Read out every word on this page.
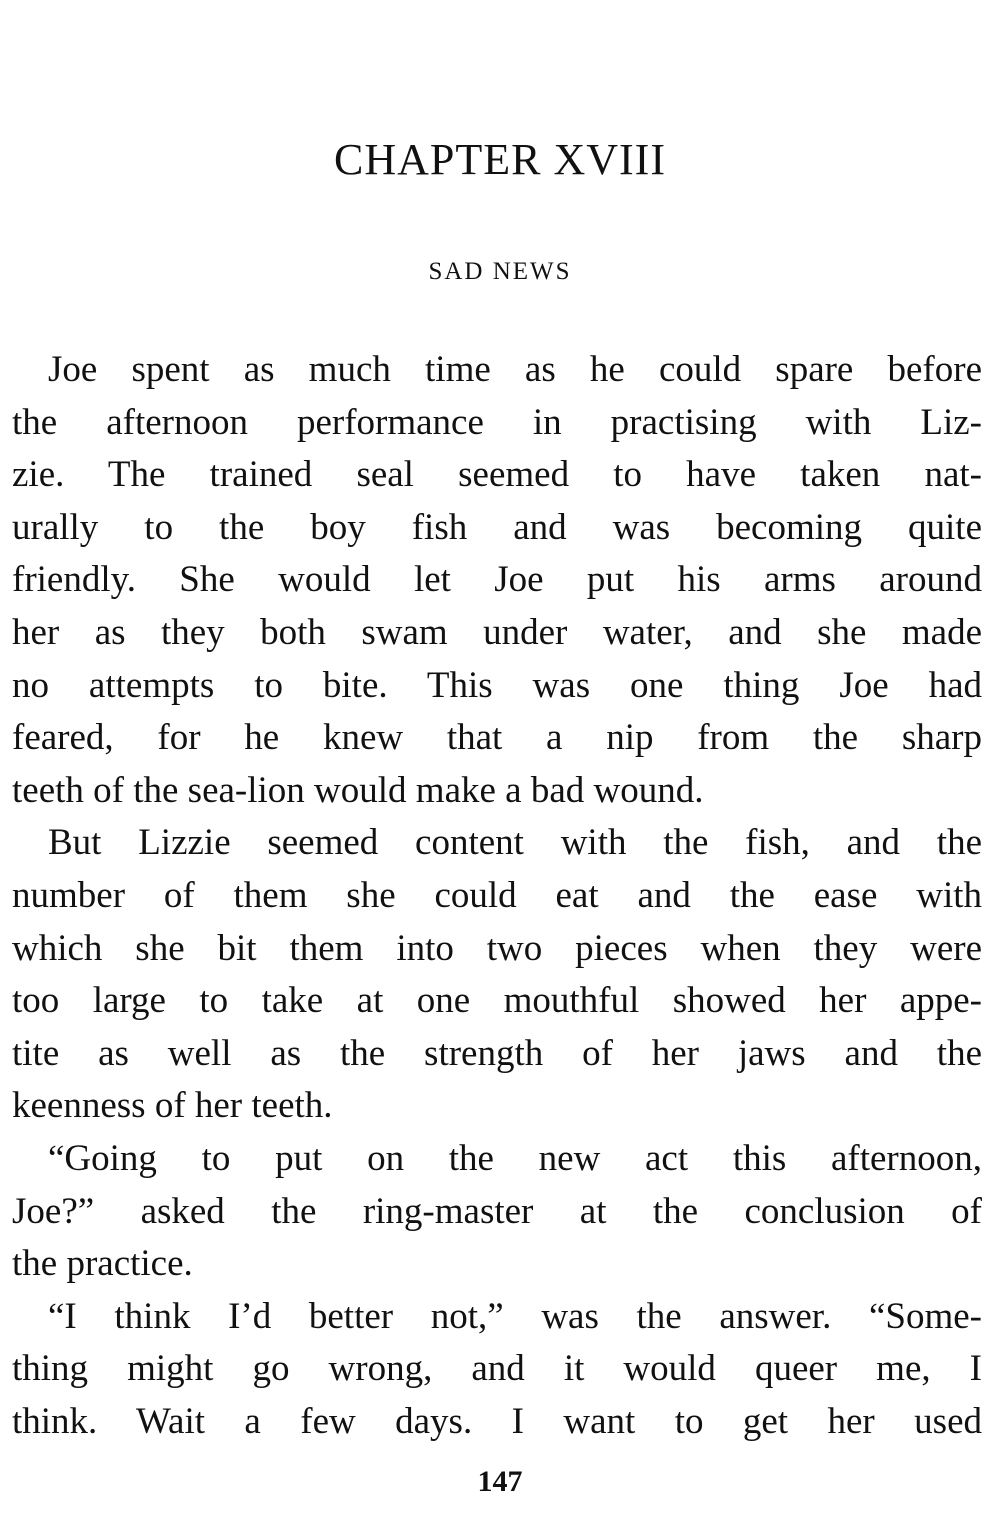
CHAPTER XVIII
SAD NEWS
Joe spent as much time as he could spare before
the afternoon performance in practising with Liz-
zie. The trained seal seemed to have taken nat-
urally to the boy fish and was becoming quite
friendly. She would let Joe put his arms around
her as they both swam under water, and she made
no attempts to bite. This was one thing Joe had
feared, for he knew that a nip from the sharp
teeth of the sea-lion would make a bad wound.
But Lizzie seemed content with the fish, and the
number of them she could eat and the ease with
which she bit them into two pieces when they were
too large to take at one mouthful showed her appe-
tite as well as the strength of her jaws and the
keenness of her teeth.
“Going to put on the new act this afternoon,
Joe?” asked the ring-master at the conclusion of
the practice.
“I think I’d better not,” was the answer. “Some-
thing might go wrong, and it would queer me, I
think. Wait a few days. I want to get her used
147
